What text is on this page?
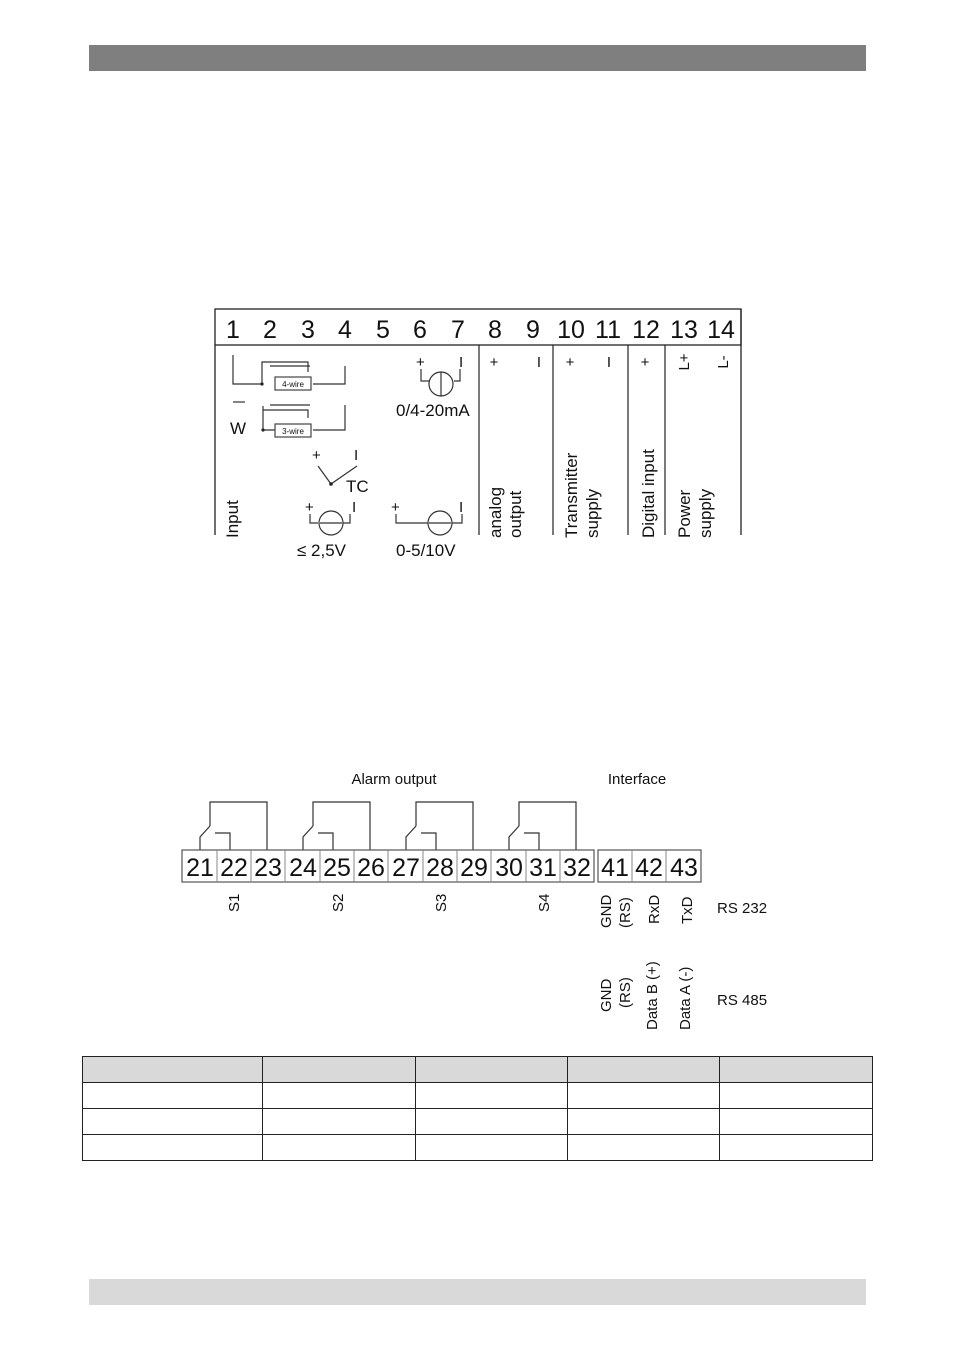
1 2 3 4 5 6 7 8 9 10 11 12 13 14
4-wire
3-wire
W
+ I
TC
+	I
≤ 2,5V
+ I
0/4-20mA
+	I
0-5/10V
+	I + I + L+ L-
Input	analog output Transmitter supply Digital input Power supply
Alarm output	Interface
21 22 23 24 25 26 27 28 29 30 31 32 41 42 43
S1	S2	S3	S4	GND (RS) RxD TxD RS 232
GND (RS) Data B (+) Data A (-) RS 485
